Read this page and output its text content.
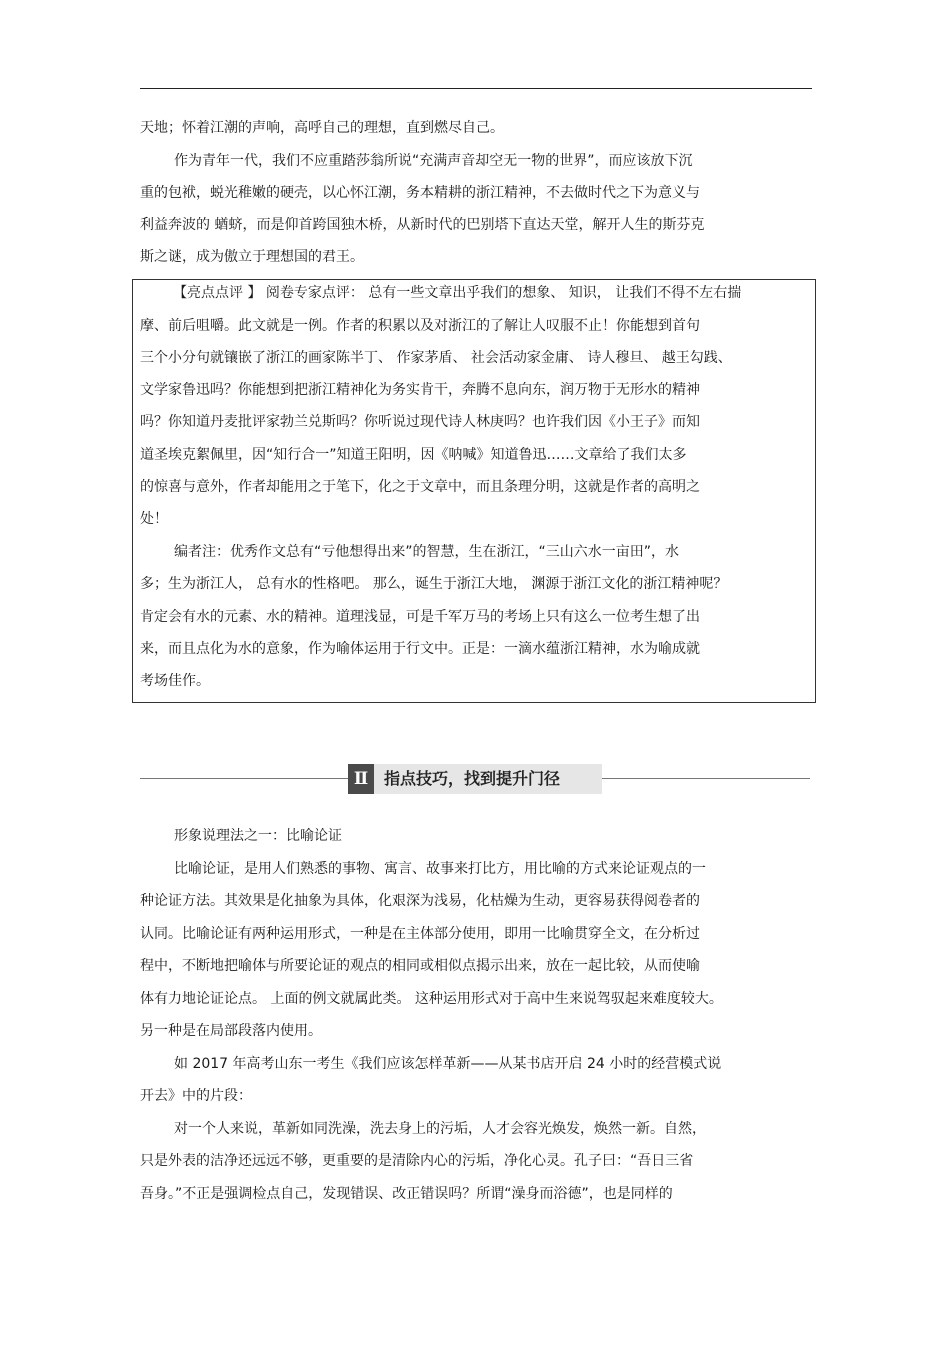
天地；怀着江潮的声响，高呼自己的理想，直到燃尽自己。
作为青年一代，我们不应重踏莎翁所说“充满声音却空无一物的世界”，而应该放下沉
重的包袱，蜕光稚嫩的硬壳，以心怀江潮，务本精耕的浙江精神，不去做时代之下为意义与
利益奔波的 蝤蛴，而是仰首跨国独木桥，从新时代的巴别塔下直达天堂，解开人生的斯芬克
斯之谜，成为傲立于理想国的君王。
【亮点点评 】 阅卷专家点评： 总有一些文章出乎我们的想象、 知识， 让我们不得不左右揣
摩、前后咀嚼。此文就是一例。作者的积累以及对浙江的了解让人叹服不止！你能想到首句
三个小分句就镶嵌了浙江的画家陈半丁、 作家茅盾、 社会活动家金庸、 诗人穆旦、 越王勾践、
文学家鲁迅吗？你能想到把浙江精神化为务实肯干，奔腾不息向东，润万物于无形水的精神
吗？你知道丹麦批评家勃兰兑斯吗？你听说过现代诗人林庚吗？也许我们因《小王子》而知
道圣埃克絮佩里，因“知行合一”知道王阳明，因《呐喊》知道鲁迅……文章给了我们太多
的惊喜与意外，作者却能用之于笔下，化之于文章中，而且条理分明，这就是作者的高明之
处！
编者注：优秀作文总有“亏他想得出来”的智慧，生在浙江，“三山六水一亩田”，水
多；生为浙江人， 总有水的性格吧。 那么，诞生于浙江大地， 渊源于浙江文化的浙江精神呢？
肯定会有水的元素、水的精神。道理浅显，可是千军万马的考场上只有这么一位考生想了出
来，而且点化为水的意象，作为喻体运用于行文中。正是：一滴水蕴浙江精神，水为喻成就
考场佳作。
Ⅱ 指点技巧，找到提升门径
形象说理法之一：比喻论证
比喻论证，是用人们熟悉的事物、寓言、故事来打比方，用比喻的方式来论证观点的一
种论证方法。其效果是化抽象为具体，化艰深为浅易，化枯燥为生动，更容易获得阅卷者的
认同。比喻论证有两种运用形式，一种是在主体部分使用，即用一比喻贯穿全文，在分析过
程中，不断地把喻体与所要论证的观点的相同或相似点揭示出来，放在一起比较，从而使喻
体有力地论证论点。 上面的例文就属此类。 这种运用形式对于高中生来说驾驭起来难度较大。
另一种是在局部段落内使用。
如 2017 年高考山东一考生《我们应该怎样革新——从某书店开启 24 小时的经营模式说
开去》中的片段：
对一个人来说，革新如同洗澡，洗去身上的污垢，人才会容光焕发，焕然一新。自然，
只是外表的洁净还远远不够，更重要的是清除内心的污垢，净化心灵。孔子曰：“吾日三省
吾身。”不正是强调检点自己，发现错误、改正错误吗？所谓“澡身而浴德”，也是同样的
